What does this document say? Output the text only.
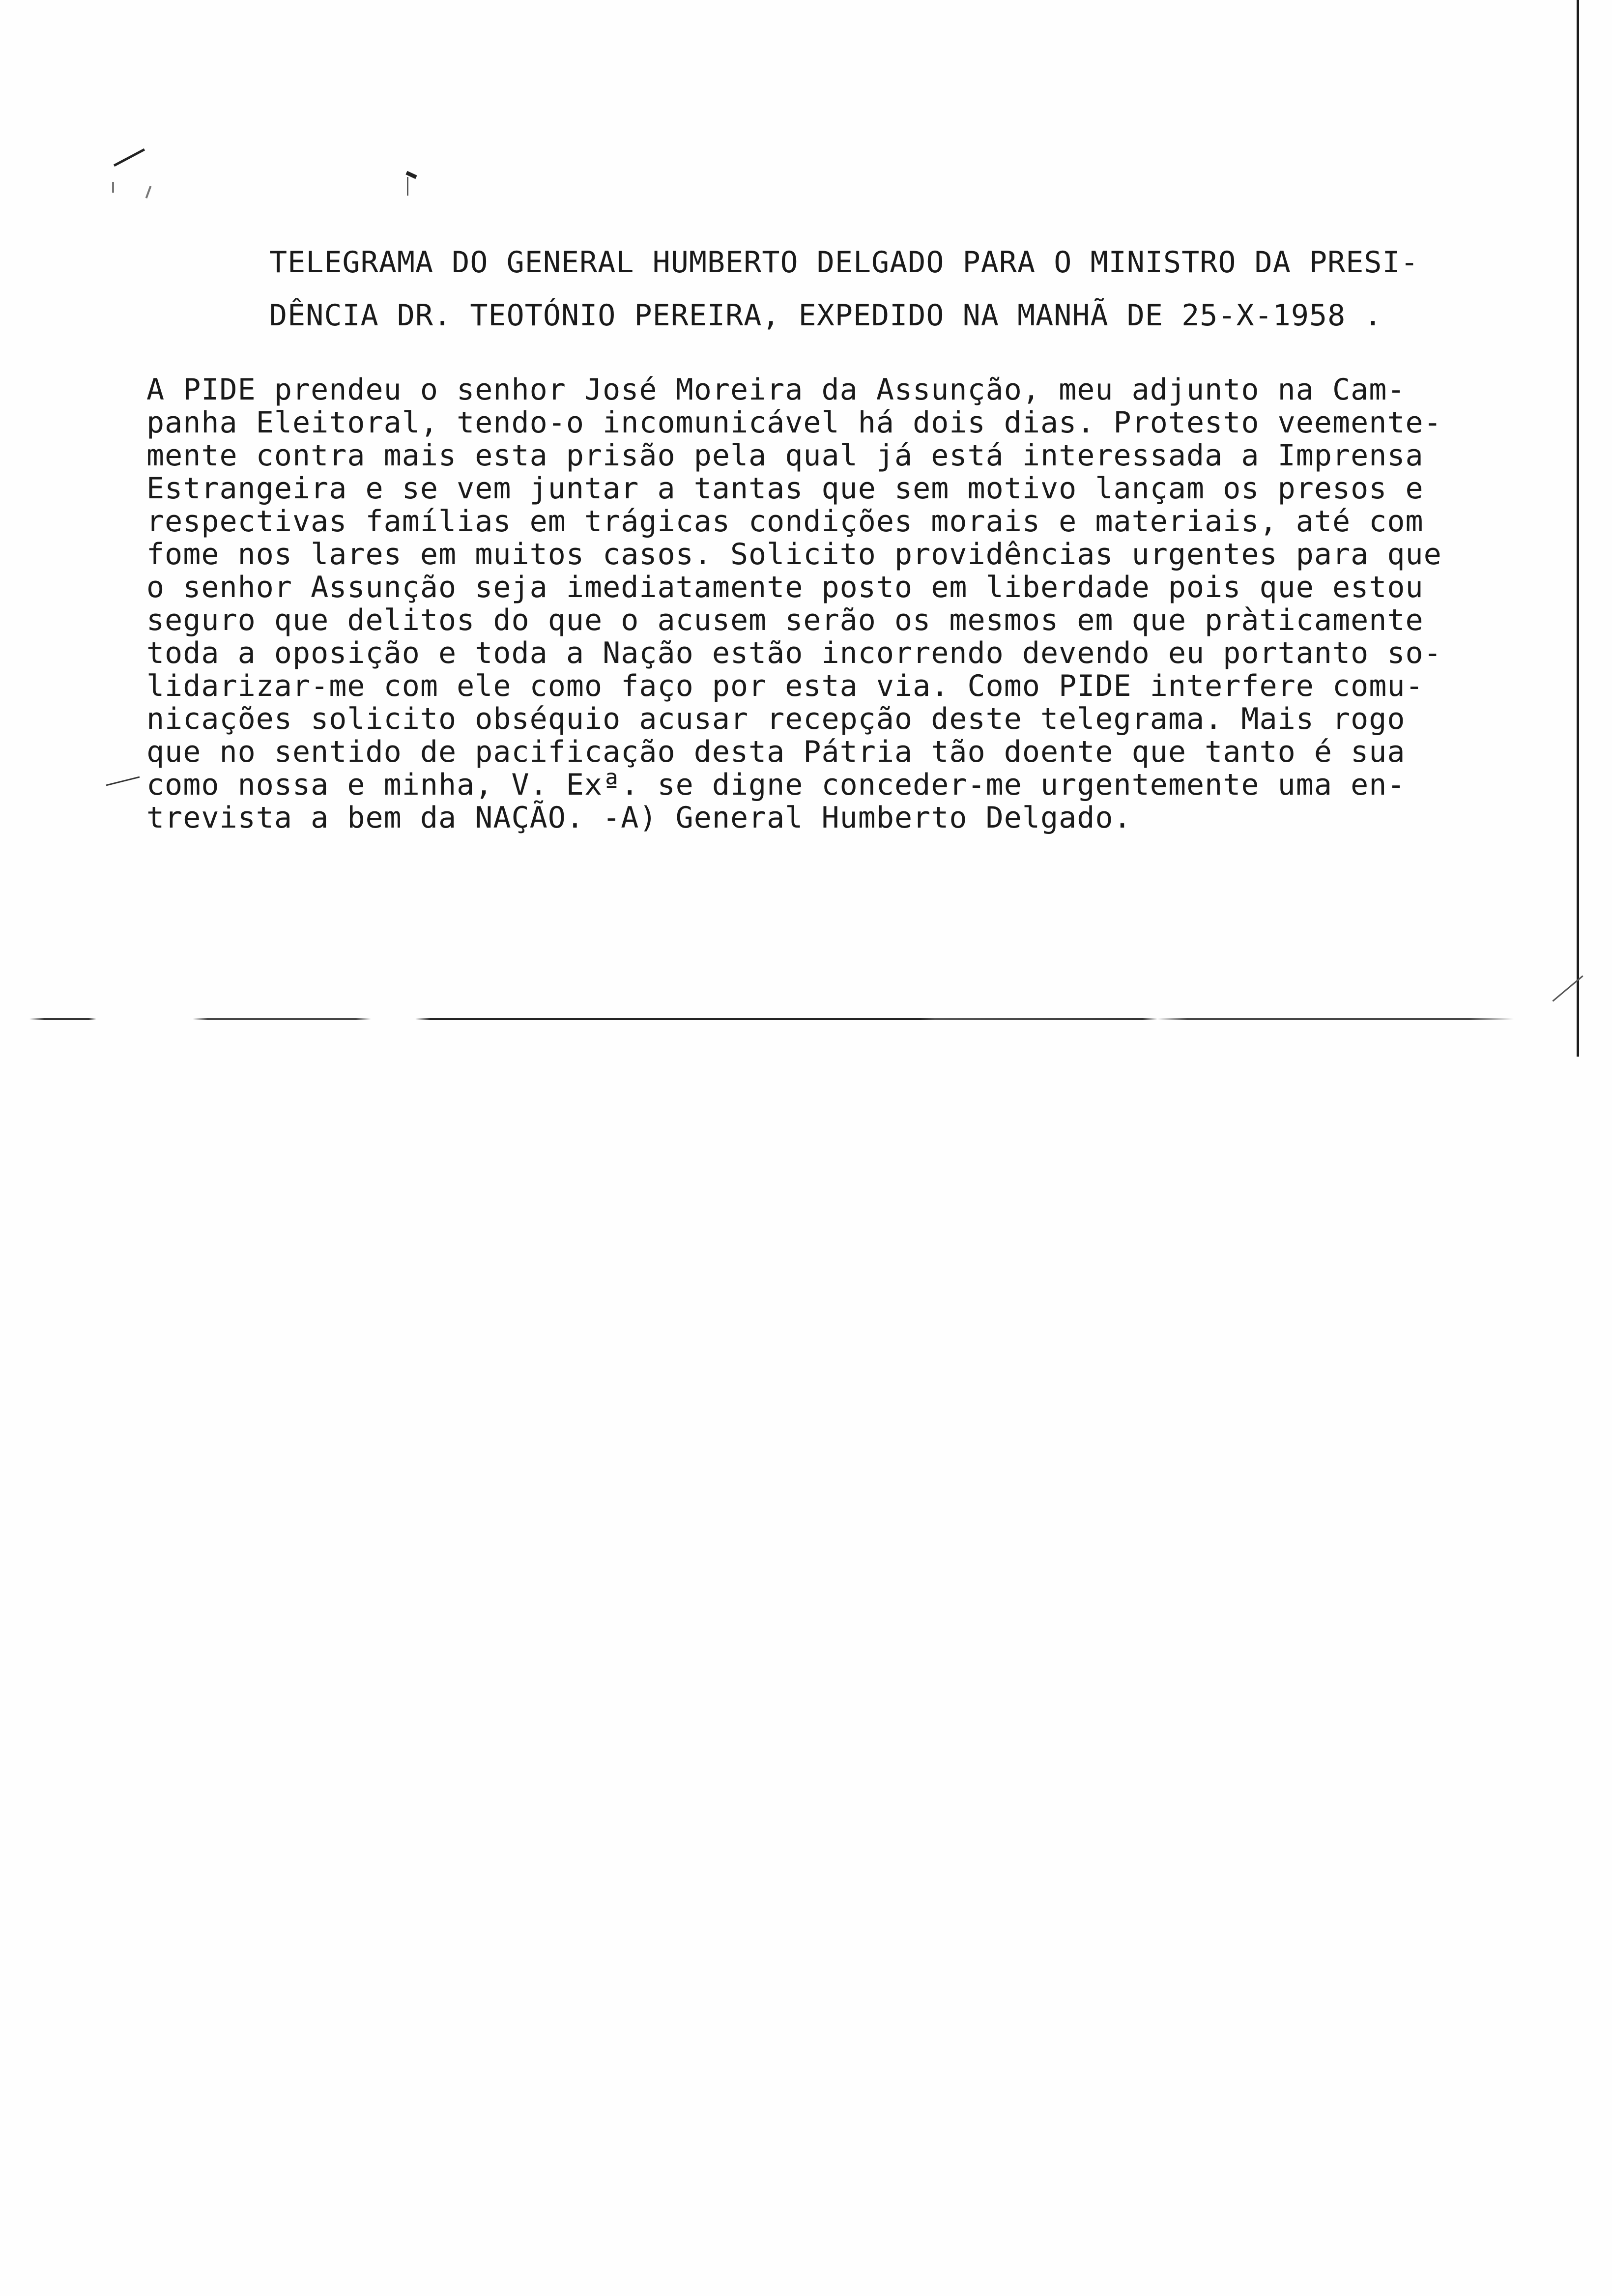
TELEGRAMA DO GENERAL HUMBERTO DELGADO PARA O MINISTRO DA PRESI-
DÊNCIA DR. TEOTÓNIO PEREIRA, EXPEDIDO NA MANHÃ DE 25-X-1958 .
A PIDE prendeu o senhor José Moreira da Assunção, meu adjunto na Cam-
panha Eleitoral, tendo-o incomunicável há dois dias. Protesto veemente-
mente contra mais esta prisão pela qual já está interessada a Imprensa
Estrangeira e se vem juntar a tantas que sem motivo lançam os presos e
respectivas famílias em trágicas condições morais e materiais, até com
fome nos lares em muitos casos. Solicito providências urgentes para que
o senhor Assunção seja imediatamente posto em liberdade pois que estou
seguro que delitos do que o acusem serão os mesmos em que pràticamente
toda a oposição e toda a Nação estão incorrendo devendo eu portanto so-
lidarizar-me com ele como faço por esta via. Como PIDE interfere comu-
nicações solicito obséquio acusar recepção deste telegrama. Mais rogo
que no sentido de pacificação desta Pátria tão doente que tanto é sua
como nossa e minha, V. Exª. se digne conceder-me urgentemente uma en-
trevista a bem da NAÇÃO. -A) General Humberto Delgado.
